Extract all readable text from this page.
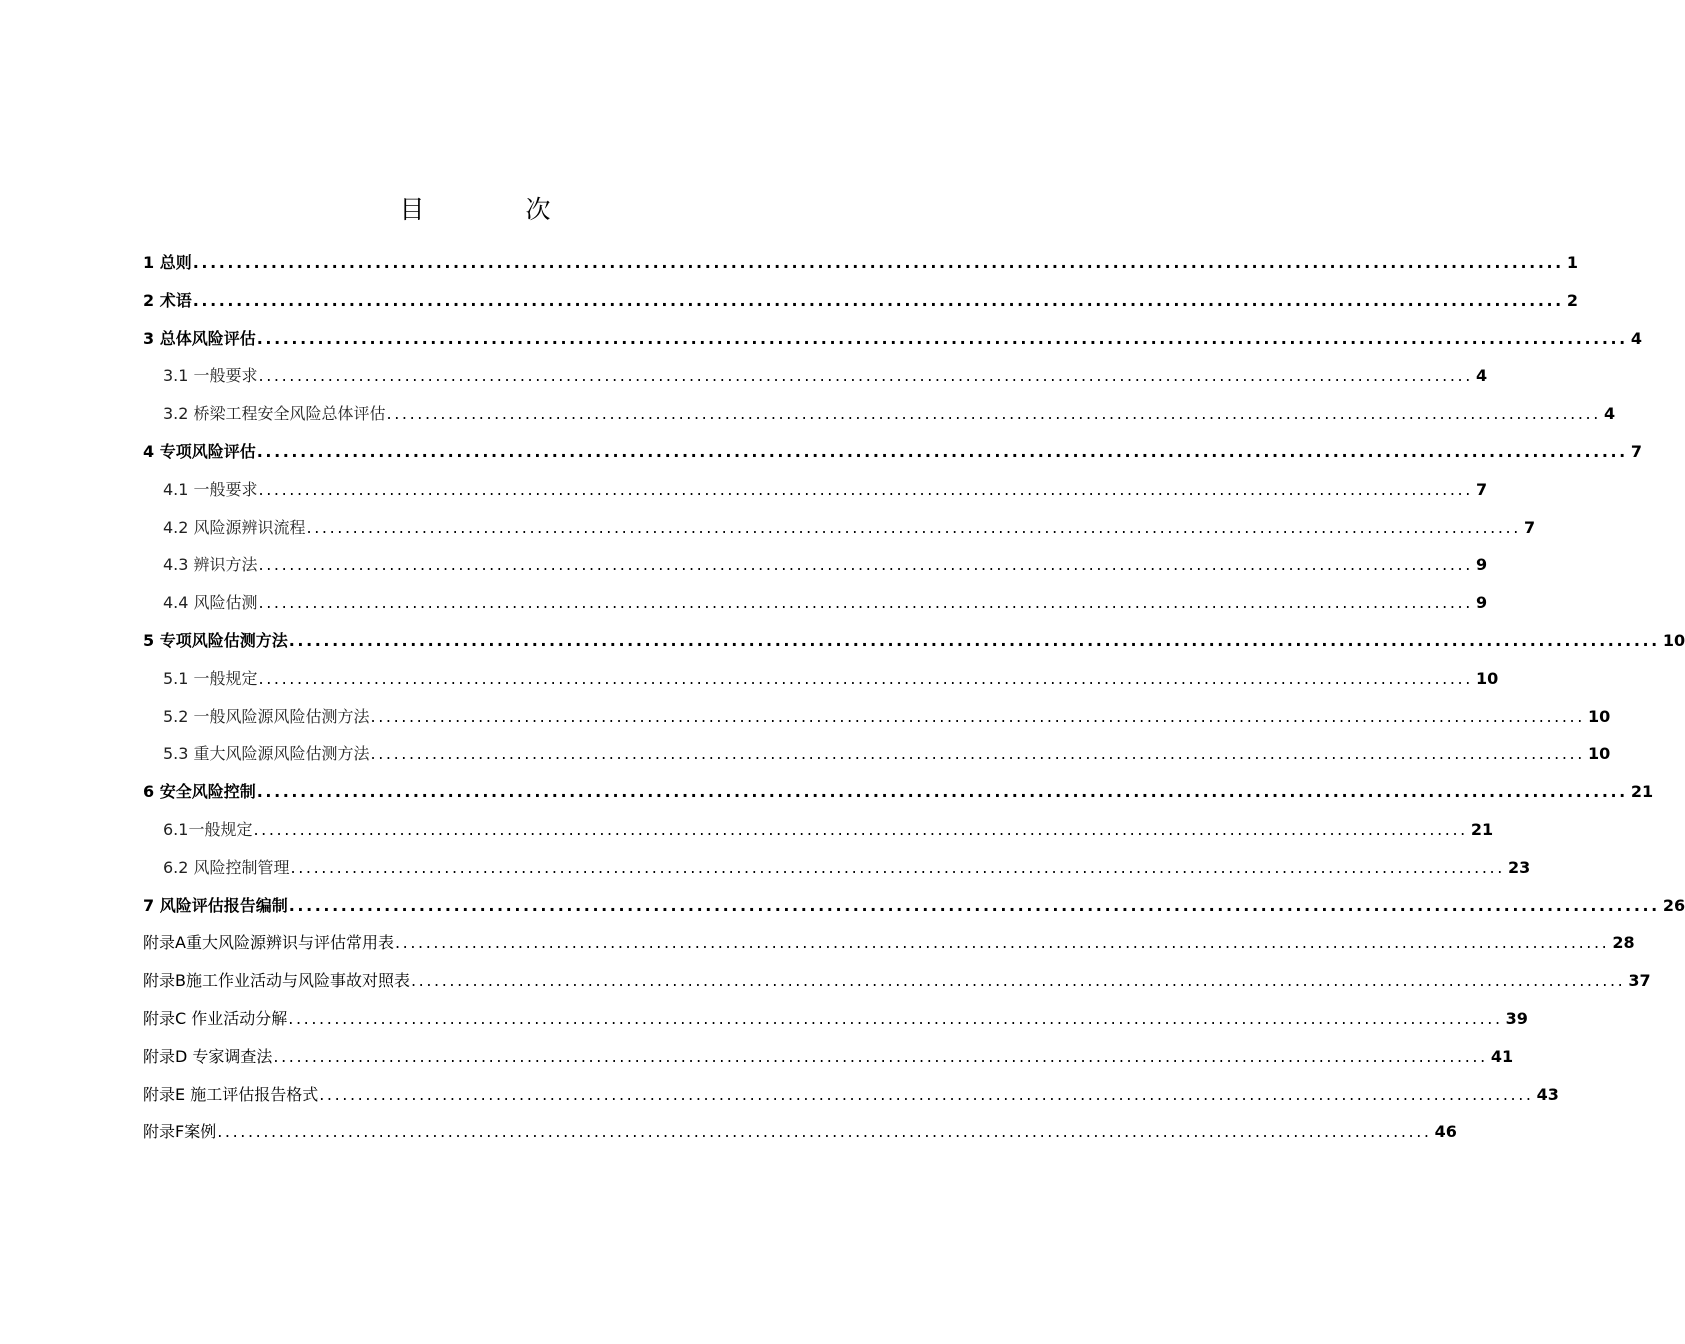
目　次
1 总则 .............................................................................................................................................................. 1
2 术语 .............................................................................................................................................................. 2
3 总体风险评估 .............................................................................................................................................................. 4
3.1 一般要求 .............................................................................................................................................................. 4
3.2 桥梁工程安全风险总体评估 .............................................................................................................................................................. 4
4 专项风险评估 .............................................................................................................................................................. 7
4.1 一般要求 .............................................................................................................................................................. 7
4.2 风险源辨识流程 .............................................................................................................................................................. 7
4.3 辨识方法 .............................................................................................................................................................. 9
4.4 风险估测 .............................................................................................................................................................. 9
5 专项风险估测方法 .............................................................................................................................................................. 10
5.1 一般规定 .............................................................................................................................................................. 10
5.2 一般风险源风险估测方法 .............................................................................................................................................................. 10
5.3 重大风险源风险估测方法 .............................................................................................................................................................. 10
6 安全风险控制 .............................................................................................................................................................. 21
6.1一般规定 .............................................................................................................................................................. 21
6.2 风险控制管理 .............................................................................................................................................................. 23
7 风险评估报告编制 .............................................................................................................................................................. 26
附录A重大风险源辨识与评估常用表 .............................................................................................................................................................. 28
附录B施工作业活动与风险事故对照表 .............................................................................................................................................................. 37
附录C 作业活动分解 .............................................................................................................................................................. 39
附录D 专家调查法 .............................................................................................................................................................. 41
附录E 施工评估报告格式 .............................................................................................................................................................. 43
附录F案例 .............................................................................................................................................................. 46
